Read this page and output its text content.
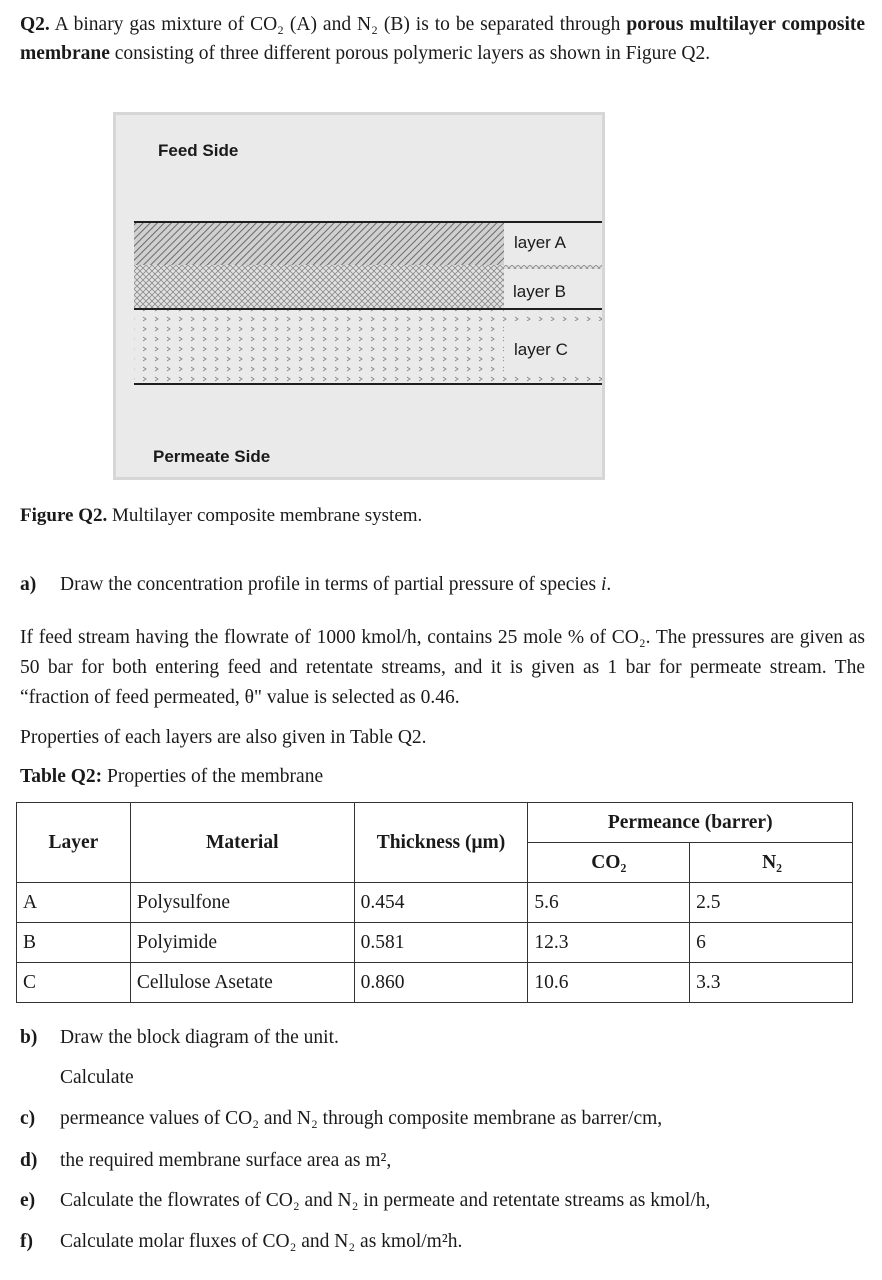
Q2. A binary gas mixture of CO₂ (A) and N₂ (B) is to be separated through porous multilayer composite membrane consisting of three different porous polymeric layers as shown in Figure Q2.
Feed Side
layer A
layer B
layer C
Permeate Side
Figure Q2. Multilayer composite membrane system.
a) Draw the concentration profile in terms of partial pressure of species i.
If feed stream having the flowrate of 1000 kmol/h, contains 25 mole % of CO₂. The pressures are given as 50 bar for both entering feed and retentate streams, and it is given as 1 bar for permeate stream. The “fraction of feed permeated, θ" value is selected as 0.46.
Properties of each layers are also given in Table Q2.
Table Q2: Properties of the membrane
Layer	Material	Thickness (μm)	Permeance (barrer)	
			CO₂	N₂
A	Polysulfone	0.454	5.6	2.5
B	Polyimide	0.581	12.3	6
C	Cellulose Asetate	0.860	10.6	3.3
b) Draw the block diagram of the unit.
Calculate
c) permeance values of CO₂ and N₂ through composite membrane as barrer/cm,
d) the required membrane surface area as m²,
e) Calculate the flowrates of CO₂ and N₂ in permeate and retentate streams as kmol/h,
f) Calculate molar fluxes of CO₂ and N₂ as kmol/m²h.
